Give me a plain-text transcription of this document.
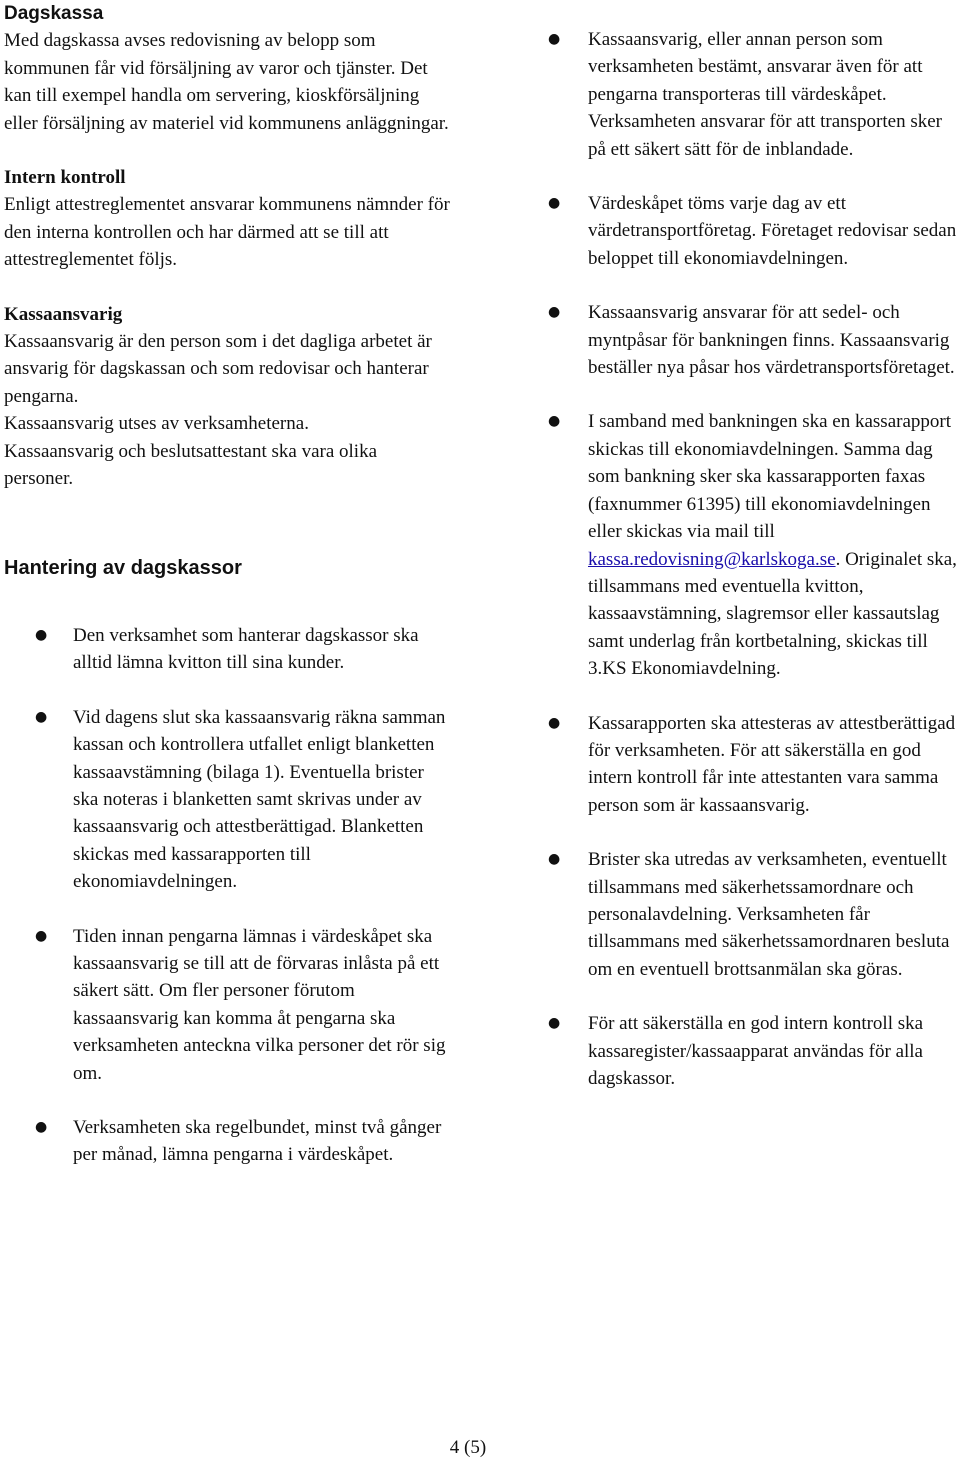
Dagskassa

Med dagskassa avses redovisning av belopp som kommunen får vid försäljning av varor och tjänster. Det kan till exempel handla om servering, kioskförsäljning eller försäljning av materiel vid kommunens anläggningar.

Intern kontroll

Enligt attestreglementet ansvarar kommunens nämnder för den interna kontrollen och har därmed att se till att attestreglementet följs.

Kassaansvarig

Kassaansvarig är den person som i det dagliga arbetet är ansvarig för dagskassan och som redovisar och hanterar pengarna.

Kassaansvarig utses av verksamheterna.

Kassaansvarig och beslutsattestant ska vara olika personer.

Hantering av dagskassor
● Den verksamhet som hanterar dagskassor ska alltid lämna kvitton till sina kunder.
● Vid dagens slut ska kassaansvarig räkna samman kassan och kontrollera utfallet enligt blanketten kassaavstämning (bilaga 1). Eventuella brister ska noteras i blanketten samt skrivas under av kassaansvarig och attestberättigad. Blanketten skickas med kassarapporten till ekonomiavdelningen.
● Tiden innan pengarna lämnas i värdeskåpet ska kassaansvarig se till att de förvaras inlåsta på ett säkert sätt. Om fler personer förutom kassaansvarig kan komma åt pengarna ska verksamheten anteckna vilka personer det rör sig om.
● Verksamheten ska regelbundet, minst två gånger per månad, lämna pengarna i värdeskåpet.
● Kassaansvarig, eller annan person som verksamheten bestämt, ansvarar även för att pengarna transporteras till värdeskåpet. Verksamheten ansvarar för att transporten sker på ett säkert sätt för de inblandade.
● Värdeskåpet töms varje dag av ett värdetransportföretag. Företaget redovisar sedan beloppet till ekonomiavdelningen.
● Kassaansvarig ansvarar för att sedel- och myntpåsar för bankningen finns. Kassaansvarig beställer nya påsar hos värdetransportsföretaget.
● I samband med bankningen ska en kassarapport skickas till ekonomiavdelningen. Samma dag som bankning sker ska kassarapporten faxas (faxnummer 61395) till ekonomiavdelningen eller skickas via mail till kassa.redovisning@karlskoga.se. Originalet ska, tillsammans med eventuella kvitton, kassaavstämning, slagremsor eller kassautslag samt underlag från kortbetalning, skickas till
3.KS Ekonomiavdelning.
● Kassarapporten ska attesteras av attestberättigad för verksamheten. För att säkerställa en god intern kontroll får inte attestanten vara samma person som är kassaansvarig.
● Brister ska utredas av verksamheten, eventuellt tillsammans med säkerhetssamordnare och personalavdelning. Verksamheten får tillsammans med säkerhetssamordnaren besluta om en eventuell brottsanmälan ska göras.
● För att säkerställa en god intern kontroll ska kassaregister/kassaapparat användas för alla dagskassor.
4 (5)
